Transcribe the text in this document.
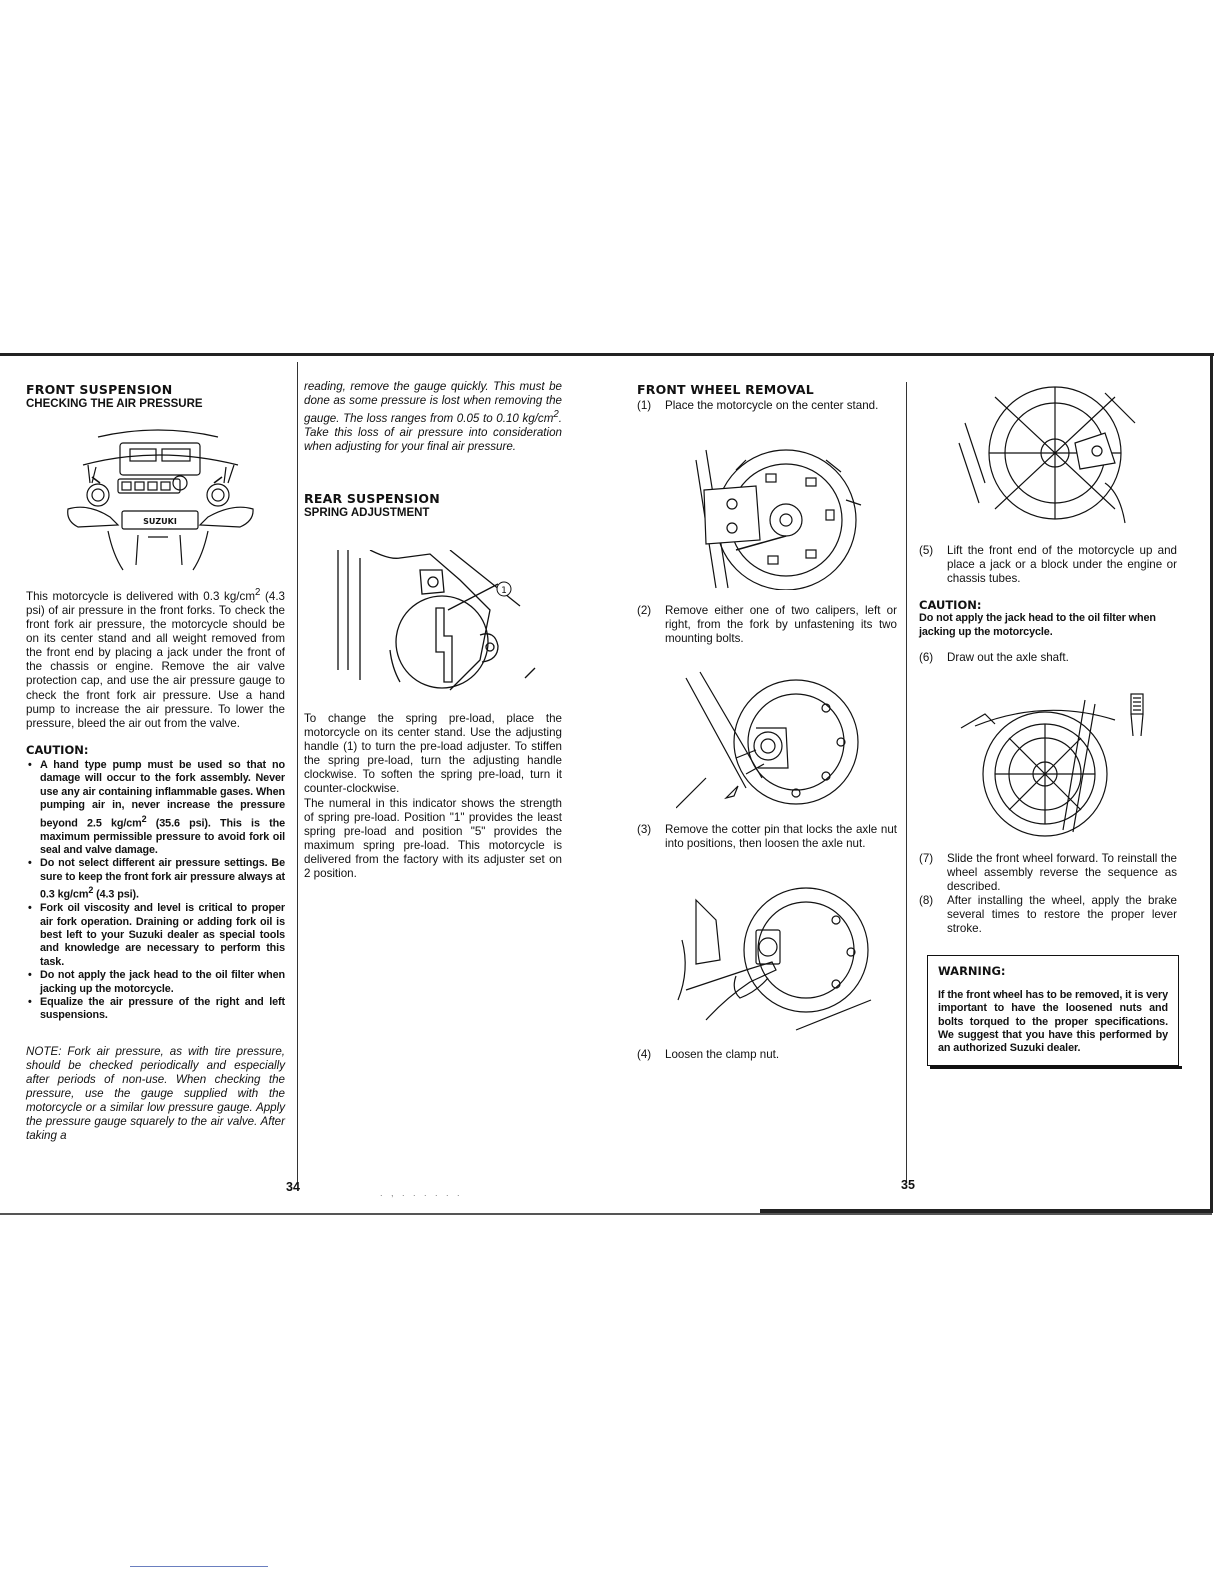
FRONT SUSPENSION

CHECKING THE AIR PRESSURE

SUZUKI

This motorcycle is delivered with 0.3 $kg/cm^2$ (4.3 psi) of air pressure in the front forks. To check the front fork air pressure, the motorcycle should be on its center stand and all weight removed from the front end by placing a jack under the front of the chassis or engine. Remove the air valve protection cap, and use the air pressure gauge to check the front fork air pressure. Use a hand pump to increase the air pressure. To lower the pressure, bleed the air out from the valve.

CAUTION:

• A hand type pump must be used so that no damage will occur to the fork assembly. Never use any air containing inflammable gases. When pumping air in, never increase the pressure beyond 2.5 $kg/cm^2$ (35.6 psi). This is the maximum permissible pressure to avoid fork oil seal and valve damage.
• Do not select different air pressure settings. Be sure to keep the front fork air pressure always at 0.3 $kg/cm^2$ (4.3 psi).
• Fork oil viscosity and level is critical to proper air fork operation. Draining or adding fork oil is best left to your Suzuki dealer as special tools and knowledge are necessary to perform this task.
• Do not apply the jack head to the oil filter when jacking up the motorcycle.
• Equalize the air pressure of the right and left suspensions.

NOTE: Fork air pressure, as with tire pressure, should be checked periodically and especially after periods of non-use. When checking the pressure, use the gauge supplied with the motorcycle or a similar low pressure gauge. Apply the pressure gauge squarely to the air valve. After taking a

reading, remove the gauge quickly. This must be done as some pressure is lost when removing the gauge. The loss ranges from 0.05 to 0.10 $kg/cm^2$. Take this loss of air pressure into consideration when adjusting for your final air pressure.

REAR SUSPENSION

SPRING ADJUSTMENT

1

To change the spring pre-load, place the motorcycle on its center stand. Use the adjusting handle (1) to turn the pre-load adjuster. To stiffen the spring pre-load, turn the adjusting handle clockwise. To soften the spring pre-load, turn it counter-clockwise.

The numeral in this indicator shows the strength of spring pre-load. Position "1" provides the least spring pre-load and position "5" provides the maximum spring pre-load. This motorcycle is delivered from the factory with its adjuster set on 2 position.

FRONT WHEEL REMOVAL

(1)	Place the motorcycle on the center stand.
(2)	Remove either one of two calipers, left or right, from the fork by unfastening its two mounting bolts.
(3)	Remove the cotter pin that locks the axle nut into positions, then loosen the axle nut.
(4)	Loosen the clamp nut.
34	35
. , . . . . . .
(5)	Lift the front end of the motorcycle up and place a jack or a block under the engine or chassis tubes.

CAUTION:

Do not apply the jack head to the oil filter when jacking up the motorcycle.

(6)	Draw out the axle shaft.
(7)	Slide the front wheel forward. To reinstall the wheel assembly reverse the sequence as described.
(8)	After installing the wheel, apply the brake several times to restore the proper lever stroke.

WARNING:

If the front wheel has to be removed, it is very important to have the loosened nuts and bolts torqued to the proper specifications. We suggest that you have this performed by an authorized Suzuki dealer.
